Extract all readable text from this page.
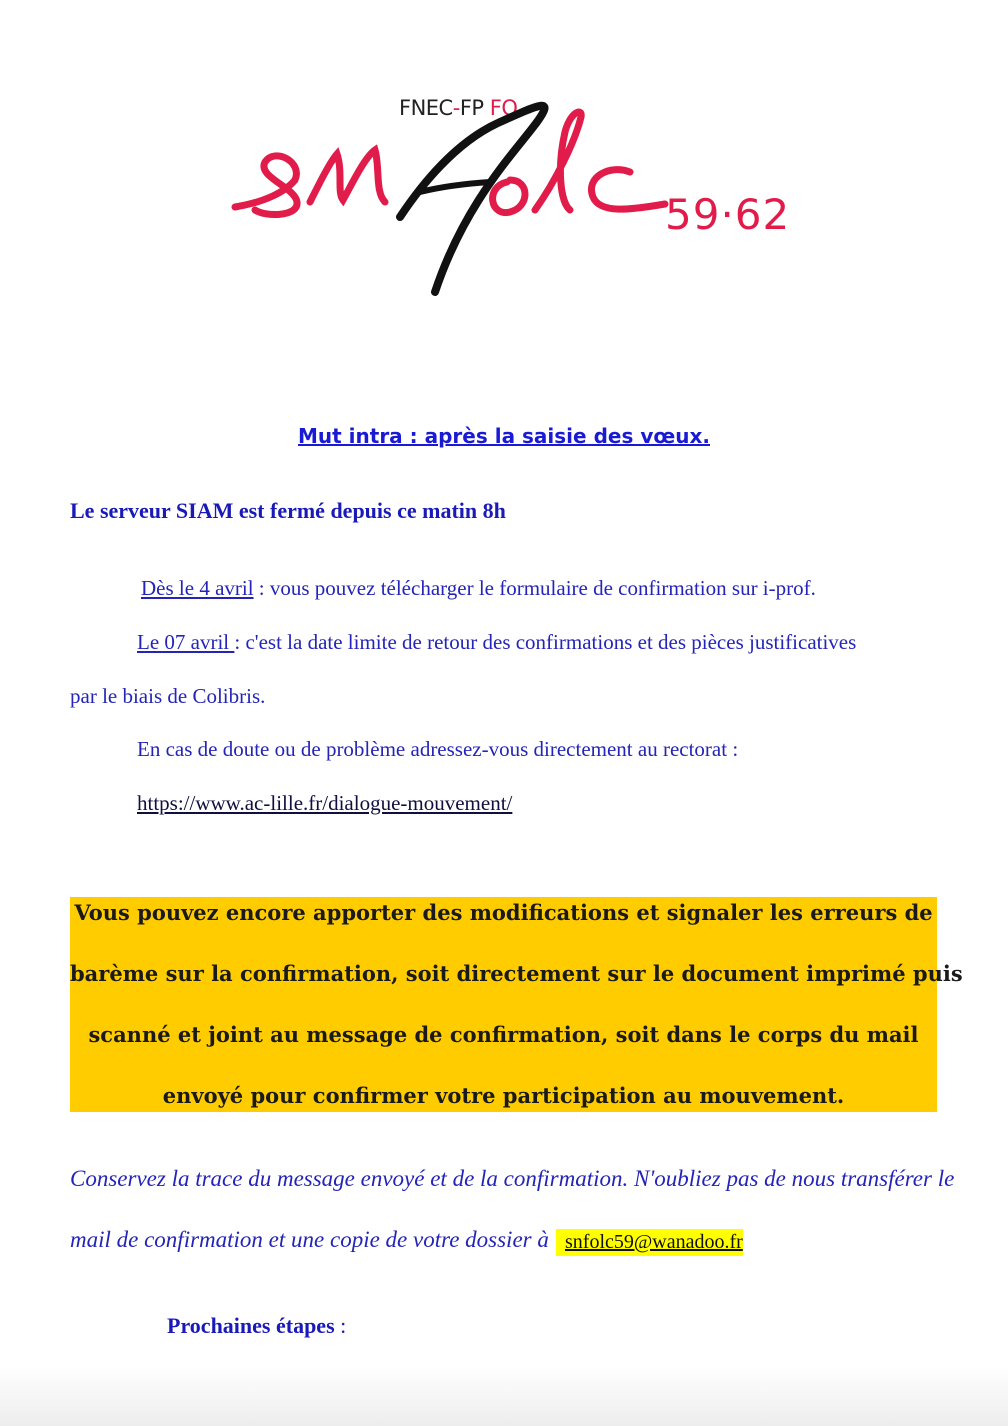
FNEC-FP FO
59·62
Mut intra : après la saisie des vœux.
Le serveur SIAM est fermé depuis ce matin 8h
Dès le 4 avril : vous pouvez télécharger le formulaire de confirmation sur i-prof.
Le 07 avril : c'est la date limite de retour des confirmations et des pièces justificatives
par le biais de Colibris.
En cas de doute ou de problème adressez-vous directement au rectorat :
https://www.ac-lille.fr/dialogue-mouvement/
Vous pouvez encore apporter des modifications et signaler les erreurs de
barème sur la confirmation, soit directement sur le document imprimé puis
scanné et joint au message de confirmation, soit dans le corps du mail
envoyé pour confirmer votre participation au mouvement.
Conservez la trace du message envoyé et de la confirmation. N'oubliez pas de nous transférer le
mail de confirmation et une copie de votre dossier à snfolc59@wanadoo.fr
Prochaines étapes :
